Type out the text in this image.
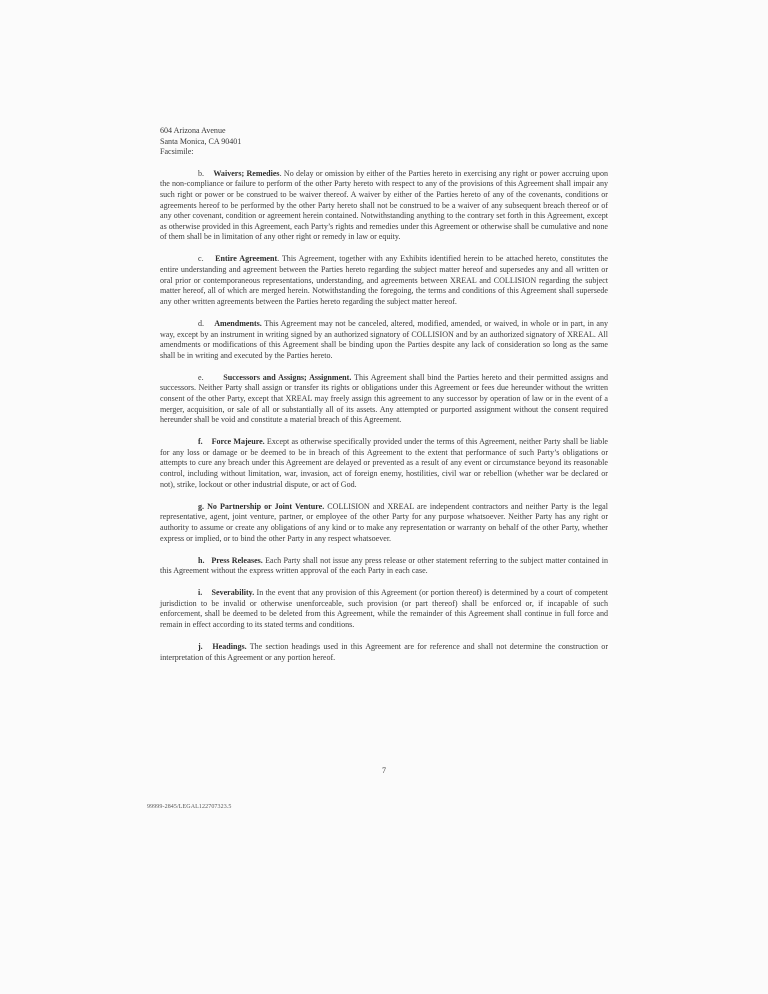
604 Arizona Avenue
Santa Monica, CA 90401
Facsimile:
b. Waivers; Remedies. No delay or omission by either of the Parties hereto in exercising any right or power accruing upon the non-compliance or failure to perform of the other Party hereto with respect to any of the provisions of this Agreement shall impair any such right or power or be construed to be waiver thereof. A waiver by either of the Parties hereto of any of the covenants, conditions or agreements hereof to be performed by the other Party hereto shall not be construed to be a waiver of any subsequent breach thereof or of any other covenant, condition or agreement herein contained. Notwithstanding anything to the contrary set forth in this Agreement, except as otherwise provided in this Agreement, each Party’s rights and remedies under this Agreement or otherwise shall be cumulative and none of them shall be in limitation of any other right or remedy in law or equity.
c. Entire Agreement. This Agreement, together with any Exhibits identified herein to be attached hereto, constitutes the entire understanding and agreement between the Parties hereto regarding the subject matter hereof and supersedes any and all written or oral prior or contemporaneous representations, understanding, and agreements between XREAL and COLLISION regarding the subject matter hereof, all of which are merged herein. Notwithstanding the foregoing, the terms and conditions of this Agreement shall supersede any other written agreements between the Parties hereto regarding the subject matter hereof.
d. Amendments. This Agreement may not be canceled, altered, modified, amended, or waived, in whole or in part, in any way, except by an instrument in writing signed by an authorized signatory of COLLISION and by an authorized signatory of XREAL. All amendments or modifications of this Agreement shall be binding upon the Parties despite any lack of consideration so long as the same shall be in writing and executed by the Parties hereto.
e. Successors and Assigns; Assignment. This Agreement shall bind the Parties hereto and their permitted assigns and successors. Neither Party shall assign or transfer its rights or obligations under this Agreement or fees due hereunder without the written consent of the other Party, except that XREAL may freely assign this agreement to any successor by operation of law or in the event of a merger, acquisition, or sale of all or substantially all of its assets. Any attempted or purported assignment without the consent required hereunder shall be void and constitute a material breach of this Agreement.
f. Force Majeure. Except as otherwise specifically provided under the terms of this Agreement, neither Party shall be liable for any loss or damage or be deemed to be in breach of this Agreement to the extent that performance of such Party’s obligations or attempts to cure any breach under this Agreement are delayed or prevented as a result of any event or circumstance beyond its reasonable control, including without limitation, war, invasion, act of foreign enemy, hostilities, civil war or rebellion (whether war be declared or not), strike, lockout or other industrial dispute, or act of God.
g. No Partnership or Joint Venture. COLLISION and XREAL are independent contractors and neither Party is the legal representative, agent, joint venture, partner, or employee of the other Party for any purpose whatsoever. Neither Party has any right or authority to assume or create any obligations of any kind or to make any representation or warranty on behalf of the other Party, whether express or implied, or to bind the other Party in any respect whatsoever.
h. Press Releases. Each Party shall not issue any press release or other statement referring to the subject matter contained in this Agreement without the express written approval of the each Party in each case.
i. Severability. In the event that any provision of this Agreement (or portion thereof) is determined by a court of competent jurisdiction to be invalid or otherwise unenforceable, such provision (or part thereof) shall be enforced or, if incapable of such enforcement, shall be deemed to be deleted from this Agreement, while the remainder of this Agreement shall continue in full force and remain in effect according to its stated terms and conditions.
j. Headings. The section headings used in this Agreement are for reference and shall not determine the construction or interpretation of this Agreement or any portion hereof.
7
99999-2845/LEGAL122707323.5
